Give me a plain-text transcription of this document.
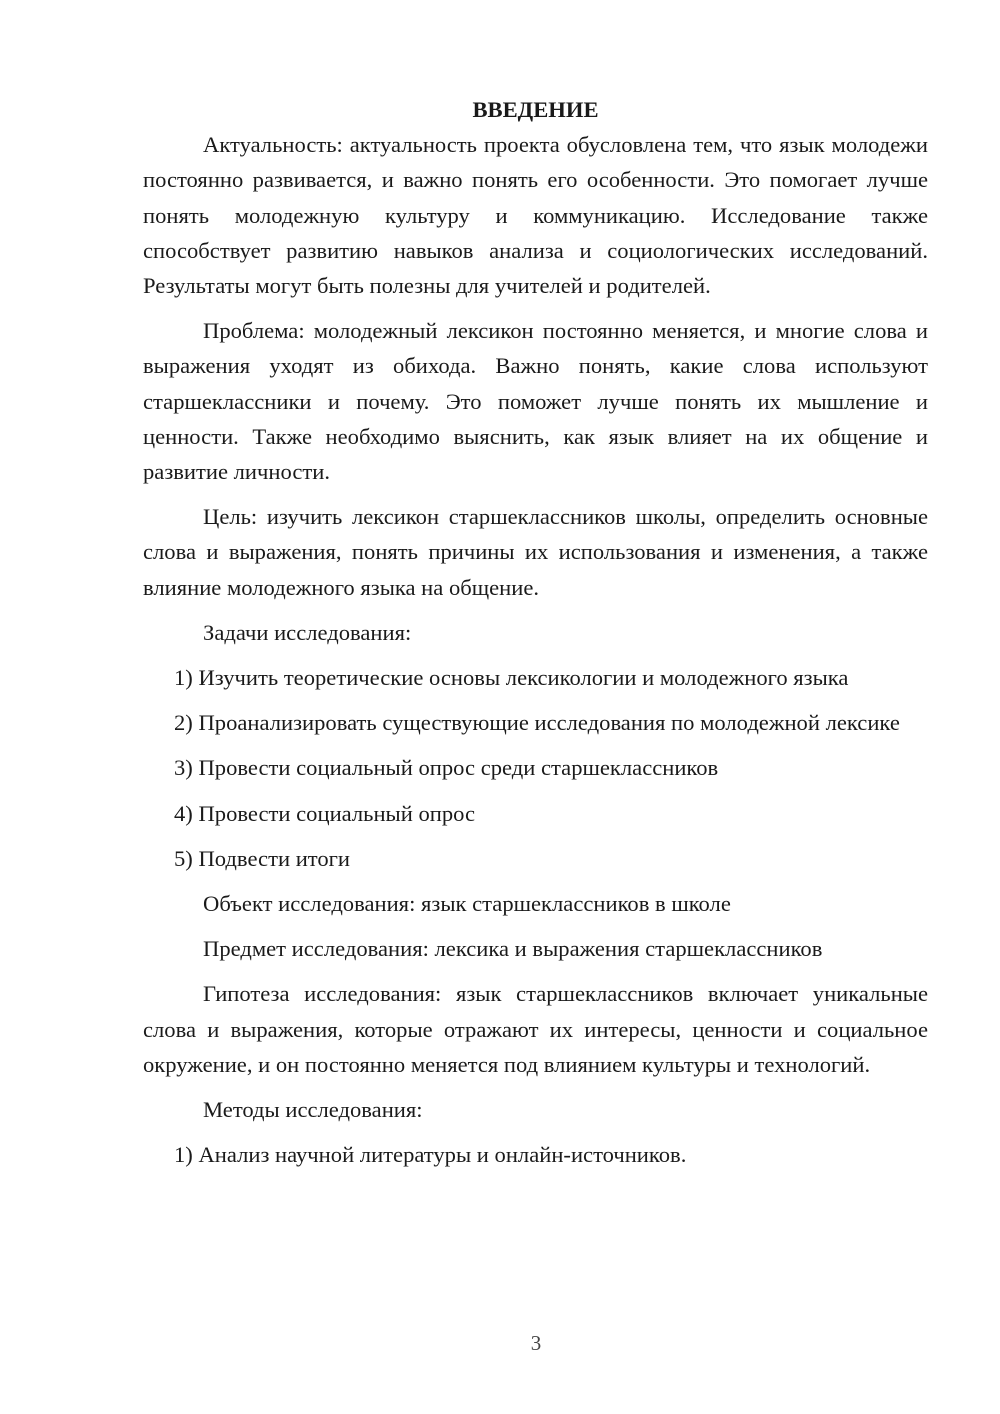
ВВЕДЕНИЕ

Актуальность: актуальность проекта обусловлена тем, что язык молодежи постоянно развивается, и важно понять его особенности. Это помогает лучше понять молодежную культуру и коммуникацию. Исследование также способствует развитию навыков анализа и социологических исследований. Результаты могут быть полезны для учителей и родителей.

Проблема: молодежный лексикон постоянно меняется, и многие слова и выражения уходят из обихода. Важно понять, какие слова используют старшеклассники и почему. Это поможет лучше понять их мышление и ценности. Также необходимо выяснить, как язык влияет на их общение и развитие личности.

Цель: изучить лексикон старшеклассников школы, определить основные слова и выражения, понять причины их использования и изменения, а также влияние молодежного языка на общение.

Задачи исследования:

1) Изучить теоретические основы лексикологии и молодежного языка

2) Проанализировать существующие исследования по молодежной лексике

3) Провести социальный опрос среди старшеклассников

4) Провести социальный опрос

5) Подвести итоги

Объект исследования: язык старшеклассников в школе

Предмет исследования: лексика и выражения старшеклассников

Гипотеза исследования: язык старшеклассников включает уникальные слова и выражения, которые отражают их интересы, ценности и социальное окружение, и он постоянно меняется под влиянием культуры и технологий.

Методы исследования:

1) Анализ научной литературы и онлайн-источников.

3
